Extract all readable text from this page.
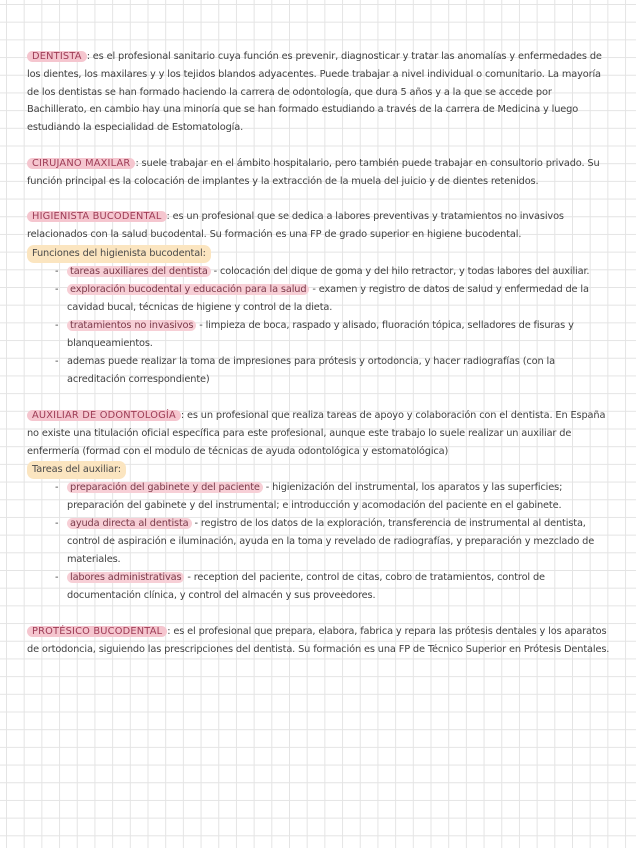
DENTISTA : es el profesional sanitario cuya función es prevenir, diagnosticar y tratar las anomalías y enfermedades de los dientes, los maxilares y y los tejidos blandos adyacentes. Puede trabajar a nivel individual o comunitario. La mayoría de los dentistas se han formado haciendo la carrera de odontología, que dura 5 años y a la que se accede por Bachillerato, en cambio hay una minoría que se han formado estudiando a través de la carrera de Medicina y luego estudiando la especialidad de Estomatología.

CIRUJANO MAXILAR : suele trabajar en el ámbito hospitalario, pero también puede trabajar en consultorio privado. Su función principal es la colocación de implantes y la extracción de la muela del juicio y de dientes retenidos.

HIGIENISTA BUCODENTAL : es un profesional que se dedica a labores preventivas y tratamientos no invasivos relacionados con la salud bucodental. Su formación es una FP de grado superior en higiene bucodental.

Funciones del higienista bucodental:
- tareas auxiliares del dentista - colocación del dique de goma y del hilo retractor, y todas labores del auxiliar.
- exploración bucodental y educación para la salud - examen y registro de datos de salud y enfermedad de la cavidad bucal, técnicas de higiene y control de la dieta.
- tratamientos no invasivos - limpieza de boca, raspado y alisado, fluoración tópica, selladores de fisuras y blanqueamientos.
- ademas puede realizar la toma de impresiones para prótesis y ortodoncia, y hacer radiografías (con la acreditación correspondiente)

AUXILIAR DE ODONTOLOGÍA : es un profesional que realiza tareas de apoyo y colaboración con el dentista. En España no existe una titulación oficial específica para este profesional, aunque este trabajo lo suele realizar un auxiliar de enfermería (formad con el modulo de técnicas de ayuda odontológica y estomatológica)

Tareas del auxiliar:
- preparación del gabinete y del paciente - higienización del instrumental, los aparatos y las superficies; preparación del gabinete y del instrumental; e introducción y acomodación del paciente en el gabinete.
- ayuda directa al dentista - registro de los datos de la exploración, transferencia de instrumental al dentista, control de aspiración e iluminación, ayuda en la toma y revelado de radiografías, y preparación y mezclado de materiales.
- labores administrativas - reception del paciente, control de citas, cobro de tratamientos, control de documentación clínica, y control del almacén y sus proveedores.

PROTÉSICO BUCODENTAL : es el profesional que prepara, elabora, fabrica y repara las prótesis dentales y los aparatos de ortodoncia, siguiendo las prescripciones del dentista. Su formación es una FP de Técnico Superior en Prótesis Dentales.
